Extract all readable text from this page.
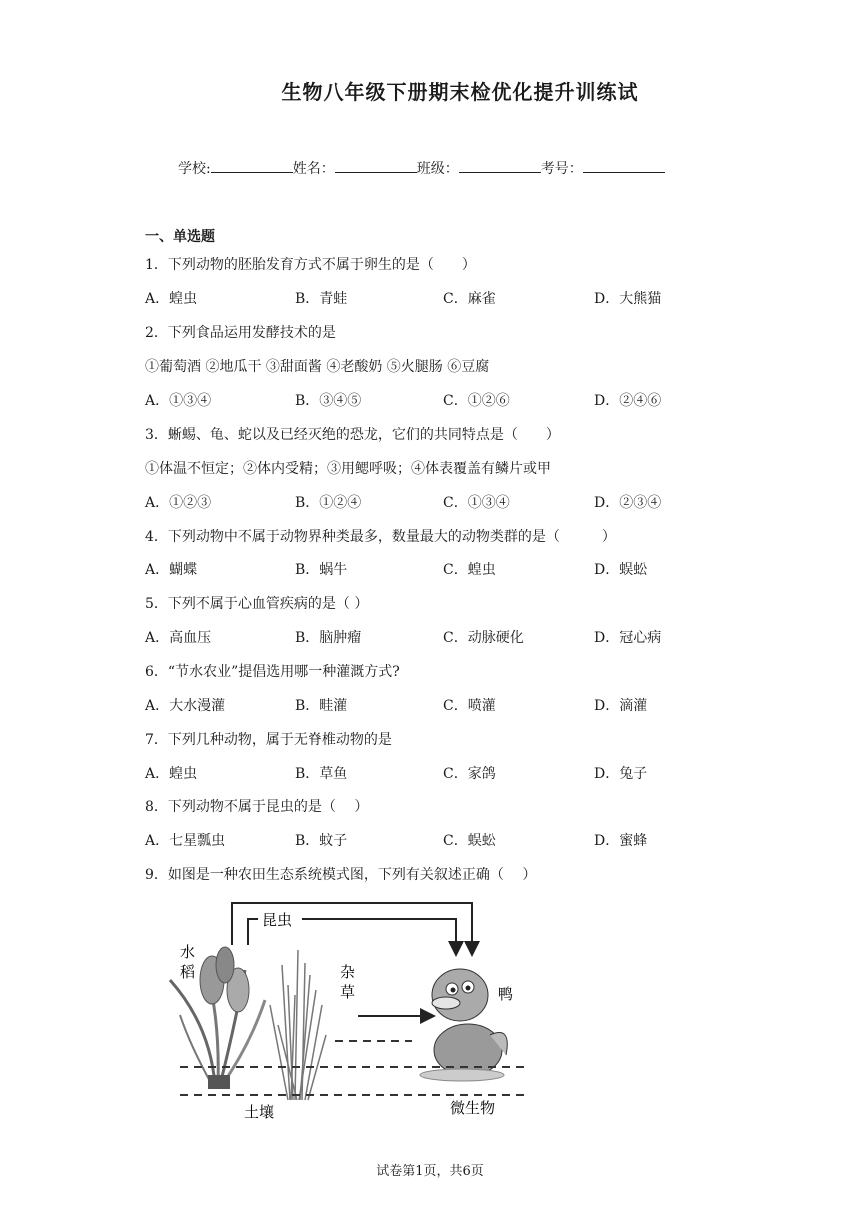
生物八年级下册期末检优化提升训练试
学校:	姓名：	班级：	考号：
一、单选题
1．下列动物的胚胎发育方式不属于卵生的是（　　）
A．蝗虫	B．青蛙	C．麻雀	D．大熊猫
2．下列食品运用发酵技术的是
①葡萄酒 ②地瓜干 ③甜面酱 ④老酸奶 ⑤火腿肠 ⑥豆腐
A．①③④	B．③④⑤	C．①②⑥	D．②④⑥
3．蜥蜴、龟、蛇以及已经灭绝的恐龙，它们的共同特点是（　　）
①体温不恒定；②体内受精；③用鳃呼吸；④体表覆盖有鳞片或甲
A．①②③	B．①②④	C．①③④	D．②③④
4．下列动物中不属于动物界种类最多，数量最大的动物类群的是（　　　）
A．蝴蝶	B．蜗牛	C．蝗虫	D．蜈蚣
5．下列不属于心血管疾病的是（ ）
A．高血压	B．脑肿瘤	C．动脉硬化	D．冠心病
6．“节水农业”提倡选用哪一种灌溉方式?
A．大水漫灌	B．畦灌	C．喷灌	D．滴灌
7．下列几种动物，属于无脊椎动物的是
A．蝗虫	B．草鱼	C．家鸽	D．兔子
8．下列动物不属于昆虫的是（　 ）
A．七星瓢虫	B．蚊子	C．蜈蚣	D．蜜蜂
9．如图是一种农田生态系统模式图，下列有关叙述正确（　 ）
昆虫
水
稻	杂
草	鸭
土壤	微生物
试卷第1页，共6页
